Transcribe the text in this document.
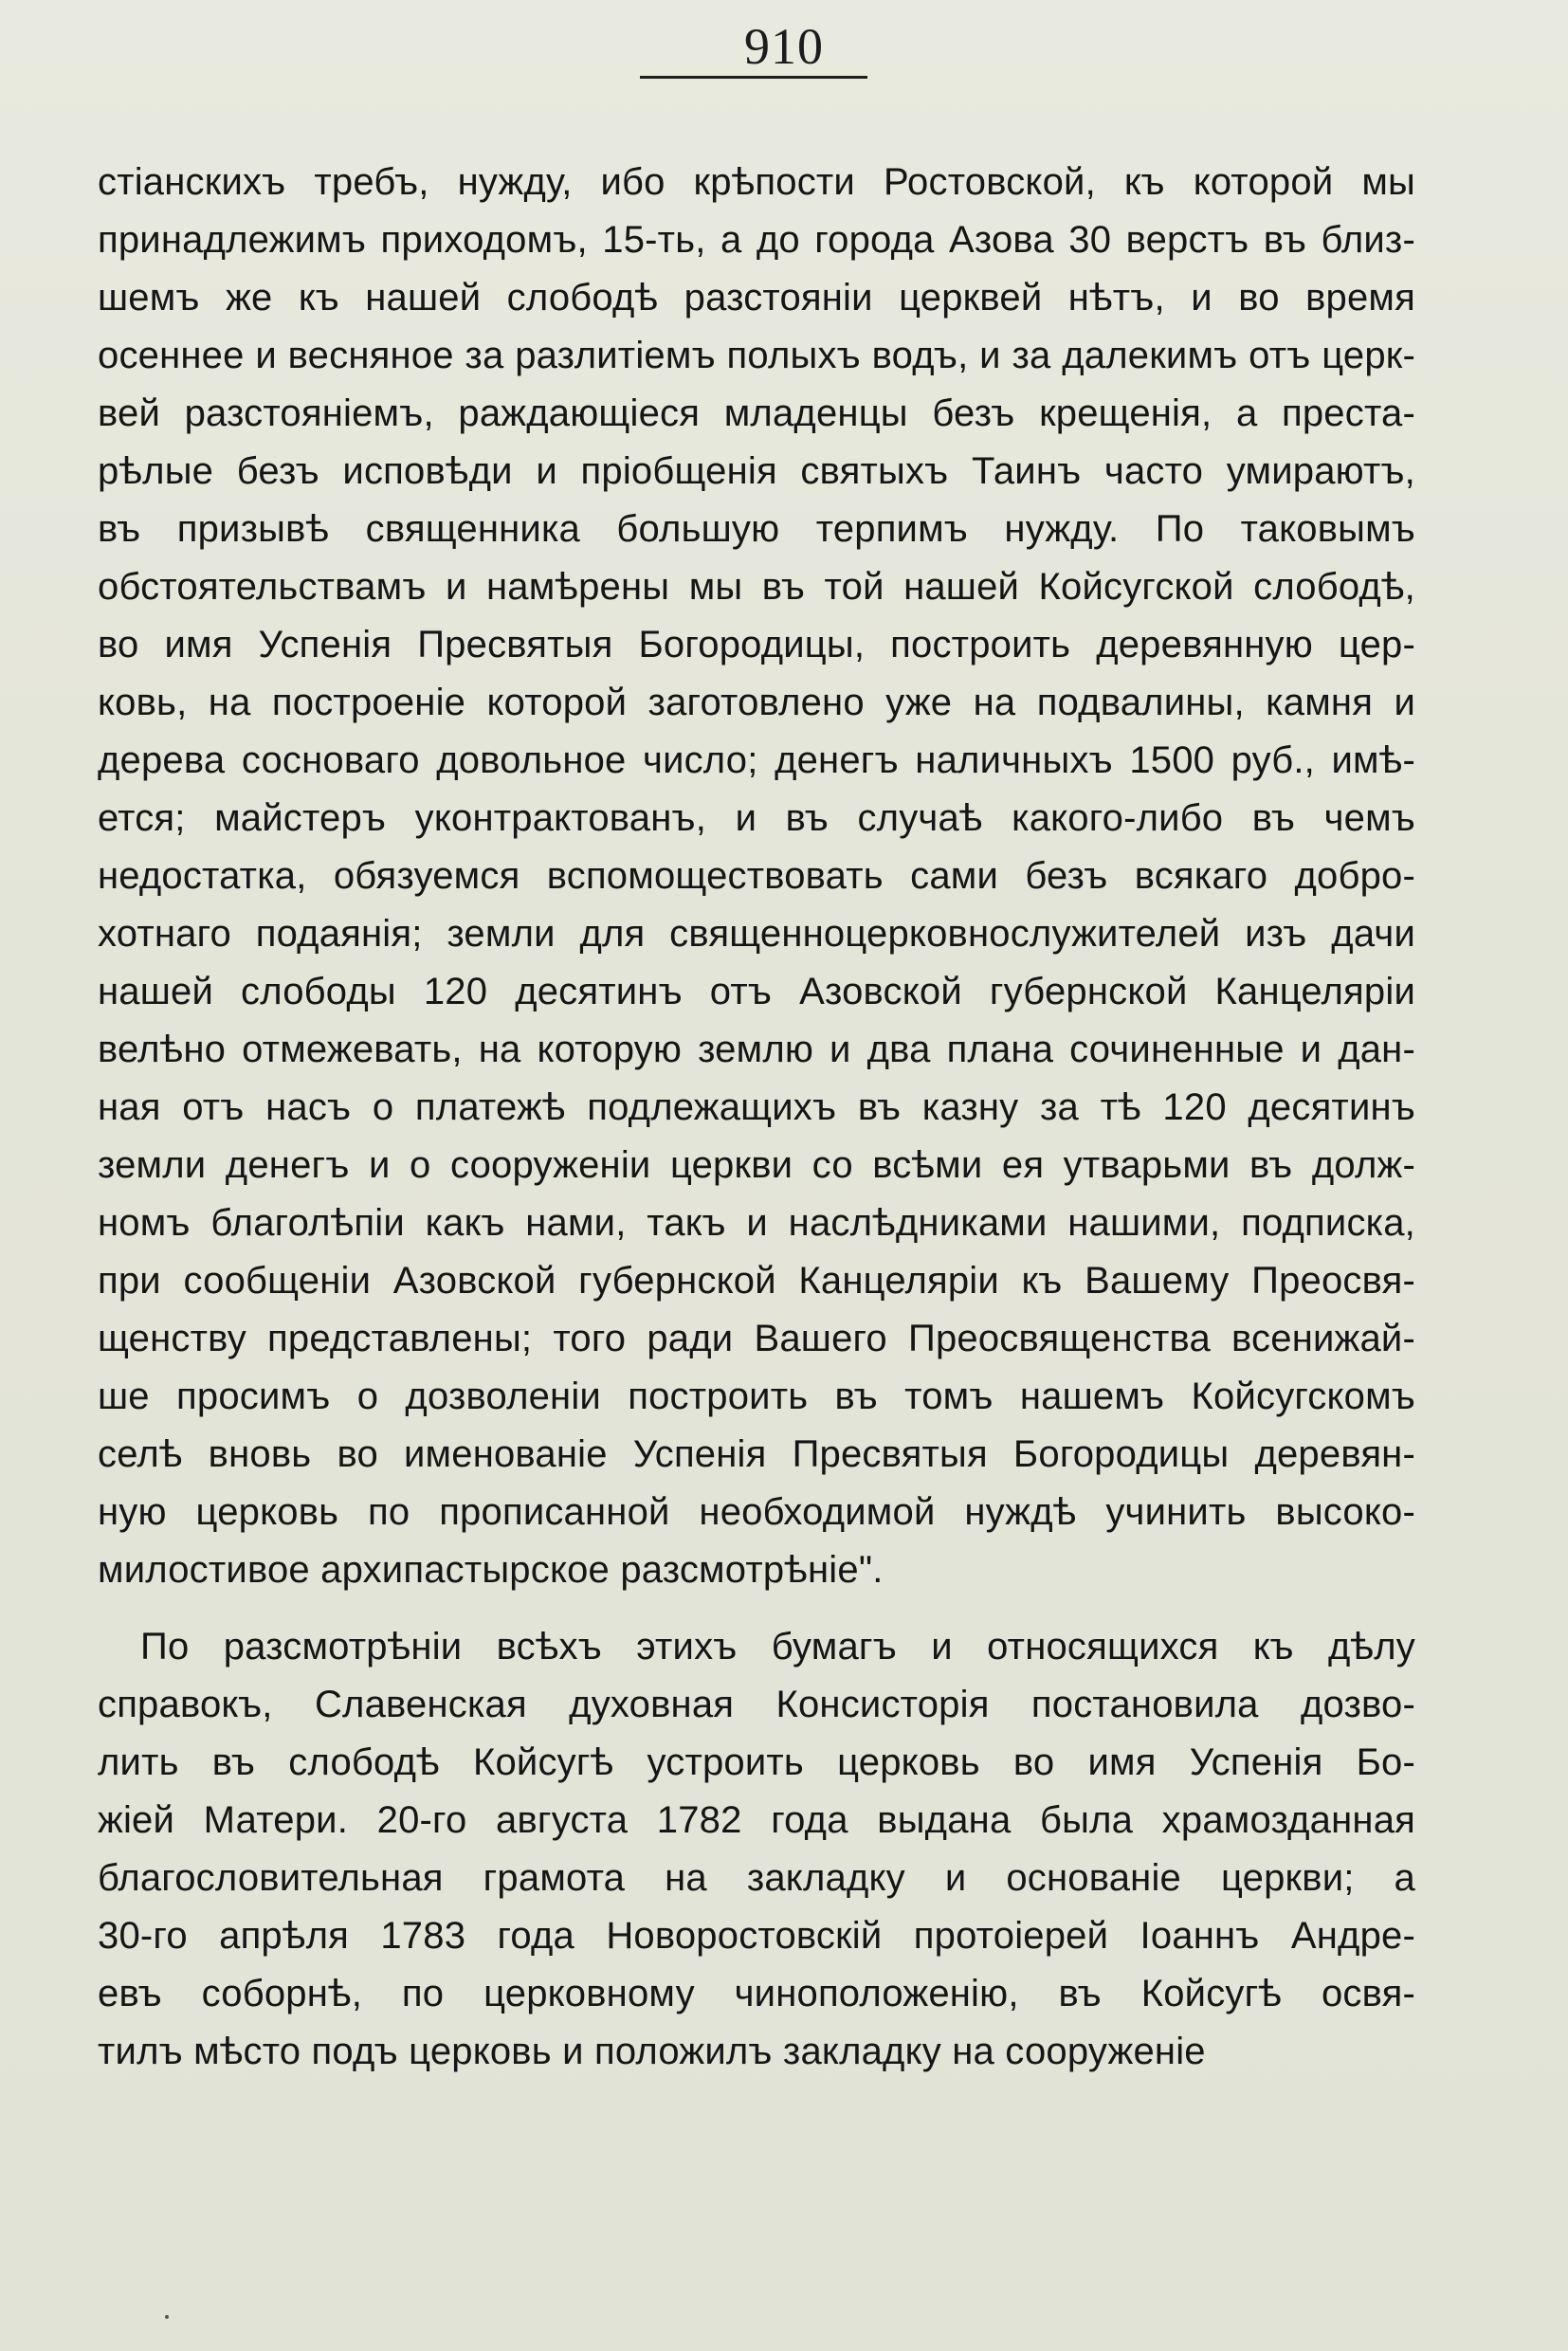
910
стіанскихъ требъ, нужду, ибо крѣпости Ростовской, къ которой мы
принадлежимъ приходомъ, 15-ть, а до города Азова 30 верстъ въ близ-
шемъ же къ нашей слободѣ разстояніи церквей нѣтъ, и во время
осеннее и весняное за разлитіемъ полыхъ водъ, и за далекимъ отъ церк-
вей разстояніемъ, раждающіеся младенцы безъ крещенія, а преста-
рѣлые безъ исповѣди и пріобщенія святыхъ Таинъ часто умираютъ,
въ призывѣ священника большую терпимъ нужду. По таковымъ
обстоятельствамъ и намѣрены мы въ той нашей Койсугской слободѣ,
во имя Успенія Пресвятыя Богородицы, построить деревянную цер-
ковь, на построеніе которой заготовлено уже на подвалины, камня и
дерева сосноваго довольное число; денегъ наличныхъ 1500 руб., имѣ-
ется; майстеръ уконтрактованъ, и въ случаѣ какого-либо въ чемъ
недостатка, обязуемся вспомоществовать сами безъ всякаго добро-
хотнаго подаянія; земли для священноцерковнослужителей изъ дачи
нашей слободы 120 десятинъ отъ Азовской губернской Канцеляріи
велѣно отмежевать, на которую землю и два плана сочиненные и дан-
ная отъ насъ о платежѣ подлежащихъ въ казну за тѣ 120 десятинъ
земли денегъ и о сооруженіи церкви со всѣми ея утварьми въ долж-
номъ благолѣпіи какъ нами, такъ и наслѣдниками нашими, подписка,
при сообщеніи Азовской губернской Канцеляріи къ Вашему Преосвя-
щенству представлены; того ради Вашего Преосвященства всенижай-
ше просимъ о дозволеніи построить въ томъ нашемъ Койсугскомъ
селѣ вновь во именованіе Успенія Пресвятыя Богородицы деревян-
ную церковь по прописанной необходимой нуждѣ учинить высоко-
милостивое архипастырское разсмотрѣніе".
По разсмотрѣніи всѣхъ этихъ бумагъ и относящихся къ дѣлу
справокъ, Славенская духовная Консисторія постановила дозво-
лить въ слободѣ Койсугѣ устроить церковь во имя Успенія Бо-
жіей Матери. 20-го августа 1782 года выдана была храмозданная
благословительная грамота на закладку и основаніе церкви; а
30-го апрѣля 1783 года Новоростовскій протоіерей Іоаннъ Андре-
евъ соборнѣ, по церковному чиноположенію, въ Койсугѣ освя-
тилъ мѣсто подъ церковь и положилъ закладку на сооруженіе
